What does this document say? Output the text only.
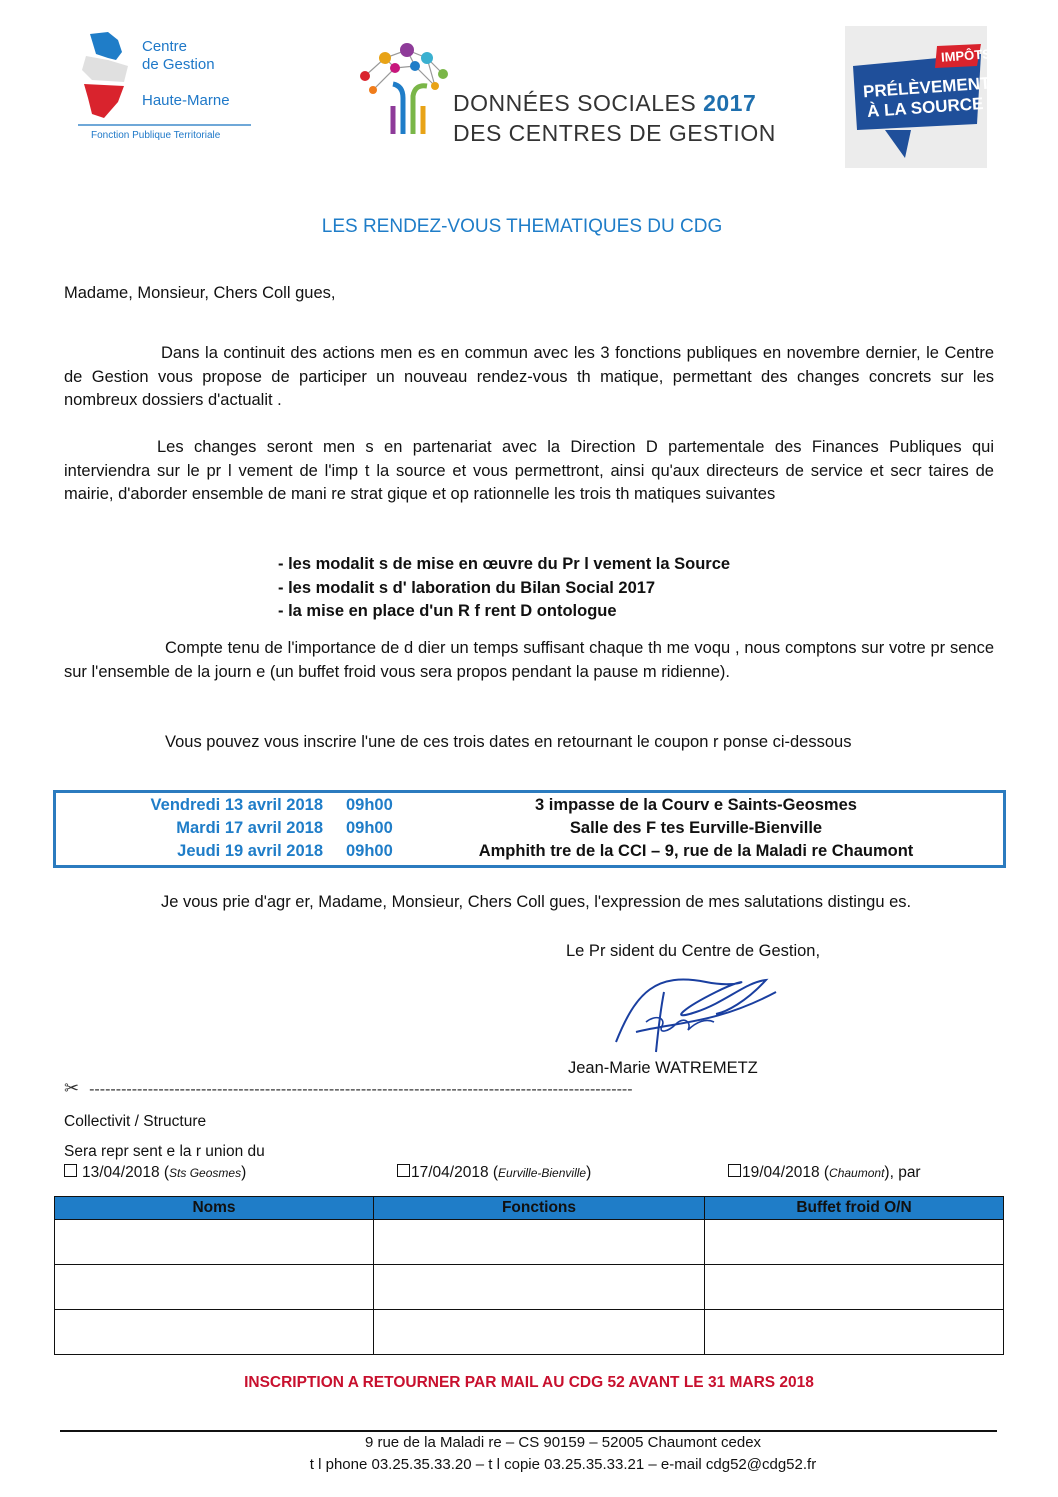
Centre
de Gestion
Haute-Marne
Fonction Publique Territoriale
DONNÉES SOCIALES 2017
DES CENTRES DE GESTION
IMPÔTS
PRÉLÈVEMENT
À LA SOURCE
LES RENDEZ-VOUS THEMATIQUES DU CDG
Madame, Monsieur, Chers Coll gues,

Dans la continuit des actions men es en commun avec les 3 fonctions publiques en novembre dernier, le Centre de Gestion vous propose de participer un nouveau rendez-vous th matique, permettant des changes concrets sur les nombreux dossiers d'actualit .

Les changes seront men s en partenariat avec la Direction D partementale des Finances Publiques qui interviendra sur le pr l vement de l'imp t la source et vous permettront, ainsi qu'aux directeurs de service et secr taires de mairie, d'aborder ensemble de mani re strat gique et op rationnelle les trois th matiques suivantes

- les modalit s de mise en œuvre du Pr l vement la Source
- les modalit s d' laboration du Bilan Social 2017
- la mise en place d'un R f rent D ontologue

Compte tenu de l'importance de d dier un temps suffisant chaque th me voqu , nous comptons sur votre pr sence sur l'ensemble de la journ e (un buffet froid vous sera propos pendant la pause m ridienne).

Vous pouvez vous inscrire l'une de ces trois dates en retournant le coupon r ponse ci-dessous

Vendredi 13 avril 2018 09h00	3 impasse de la Courv e Saints-Geosmes
Mardi 17 avril 2018 09h00	Salle des F tes Eurville-Bienville
Jeudi 19 avril 2018 09h00	Amphith tre de la CCI – 9, rue de la Maladi re Chaumont

Je vous prie d'agr er, Madame, Monsieur, Chers Coll gues, l'expression de mes salutations distingu es.

Le Pr sident du Centre de Gestion,
Jean-Marie WATREMETZ
✂ ------------------------------------------------------------------------------------------------------
Collectivit / Structure
Sera repr sent e la r union du
13/04/2018 (Sts Geosmes)	17/04/2018 (Eurville-Bienville)	19/04/2018 (Chaumont), par
Noms	Fonctions	Buffet froid O/N

INSCRIPTION A RETOURNER PAR MAIL AU CDG 52 AVANT LE 31 MARS 2018
9 rue de la Maladi re – CS 90159 – 52005 Chaumont cedex
t l phone 03.25.35.33.20 – t l copie 03.25.35.33.21 – e-mail cdg52@cdg52.fr
